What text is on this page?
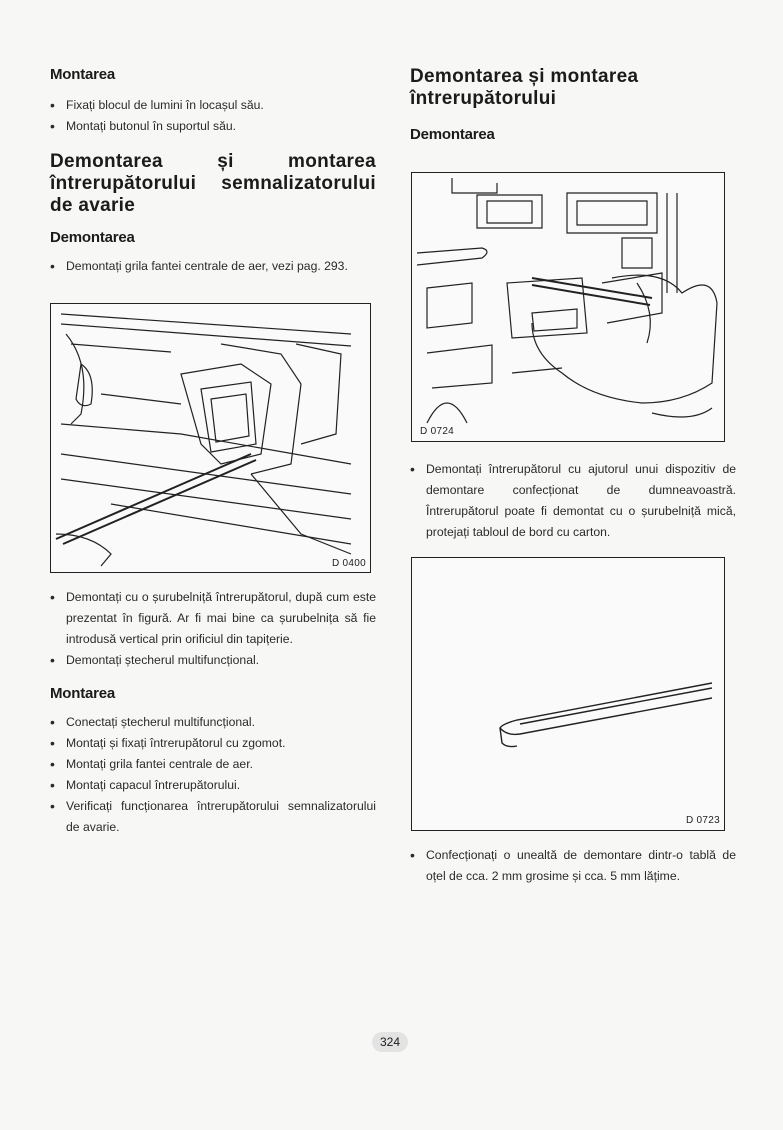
Montarea
• Fixați blocul de lumini în locașul său.
• Montați butonul în suportul său.
Demontarea și montarea întrerupătorului semnalizatorului de avarie
Demontarea
• Demontați grila fantei centrale de aer, vezi pag. 293.
D 0400
• Demontați cu o șurubelniță întrerupătorul, după cum este prezentat în figură. Ar fi mai bine ca șurubelnița să fie introdusă vertical prin orificiul din tapițerie.
• Demontați ștecherul multifuncțional.
Montarea
• Conectați ștecherul multifuncțional.
• Montați și fixați întrerupătorul cu zgomot.
• Montați grila fantei centrale de aer.
• Montați capacul întrerupătorului.
• Verificați funcționarea întrerupătorului semnalizatorului de avarie.
Demontarea și montarea întrerupătorului
Demontarea
D 0724
• Demontați întrerupătorul cu ajutorul unui dispozitiv de demontare confecționat de dumneavoastră. Întrerupătorul poate fi demontat cu o șurubelniță mică, protejați tabloul de bord cu carton.
D 0723
• Confecționați o unealtă de demontare dintr-o tablă de oțel de cca. 2 mm grosime și cca. 5 mm lățime.
324
